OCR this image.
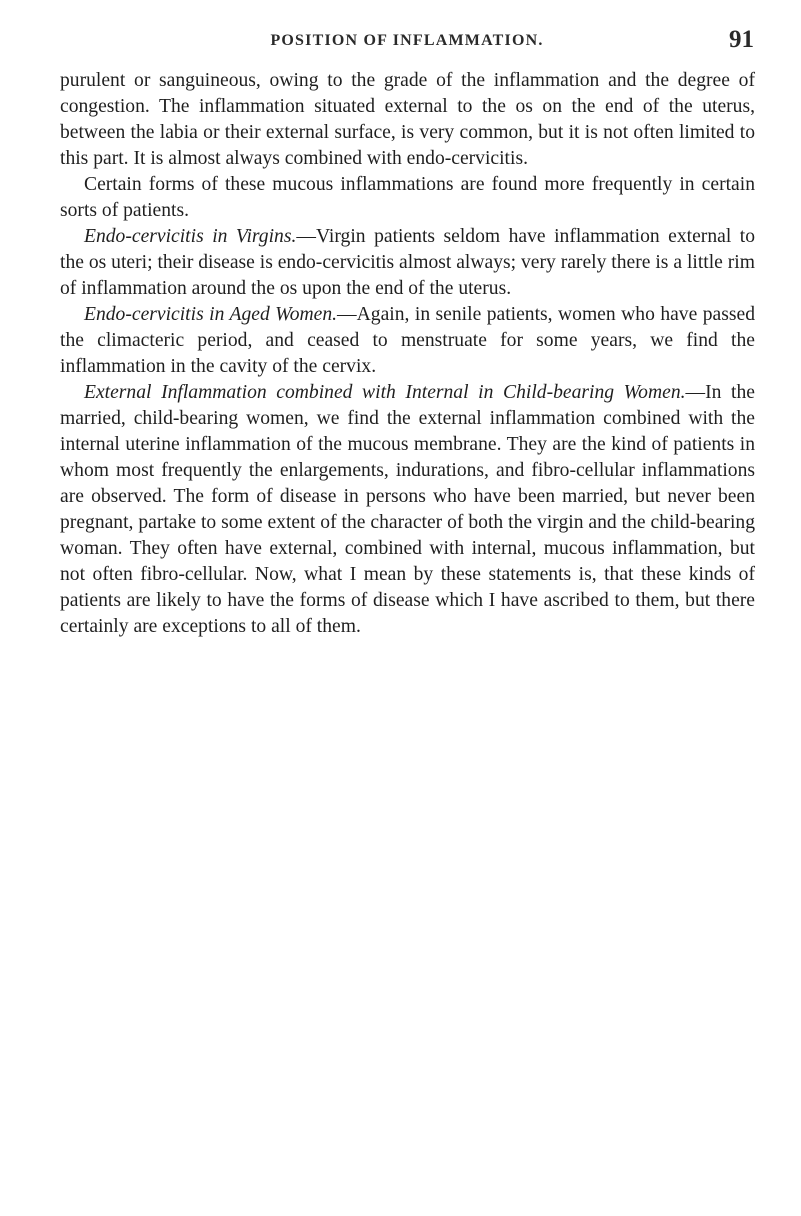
POSITION OF INFLAMMATION.	91

purulent or sanguineous, owing to the grade of the inflammation and the degree of congestion. The inflammation situated external to the os on the end of the uterus, between the labia or their external surface, is very common, but it is not often limited to this part. It is almost always combined with endo-cervicitis.

Certain forms of these mucous inflammations are found more frequently in certain sorts of patients.

Endo-cervicitis in Virgins.—Virgin patients seldom have inflammation external to the os uteri; their disease is endo-cervicitis almost always; very rarely there is a little rim of inflammation around the os upon the end of the uterus.

Endo-cervicitis in Aged Women.—Again, in senile patients, women who have passed the climacteric period, and ceased to menstruate for some years, we find the inflammation in the cavity of the cervix.

External Inflammation combined with Internal in Child-bearing Women.—In the married, child-bearing women, we find the external inflammation combined with the internal uterine inflammation of the mucous membrane. They are the kind of patients in whom most frequently the enlargements, indurations, and fibro-cellular inflammations are observed. The form of disease in persons who have been married, but never been pregnant, partake to some extent of the character of both the virgin and the child-bearing woman. They often have external, combined with internal, mucous inflammation, but not often fibro-cellular. Now, what I mean by these statements is, that these kinds of patients are likely to have the forms of disease which I have ascribed to them, but there certainly are exceptions to all of them.
